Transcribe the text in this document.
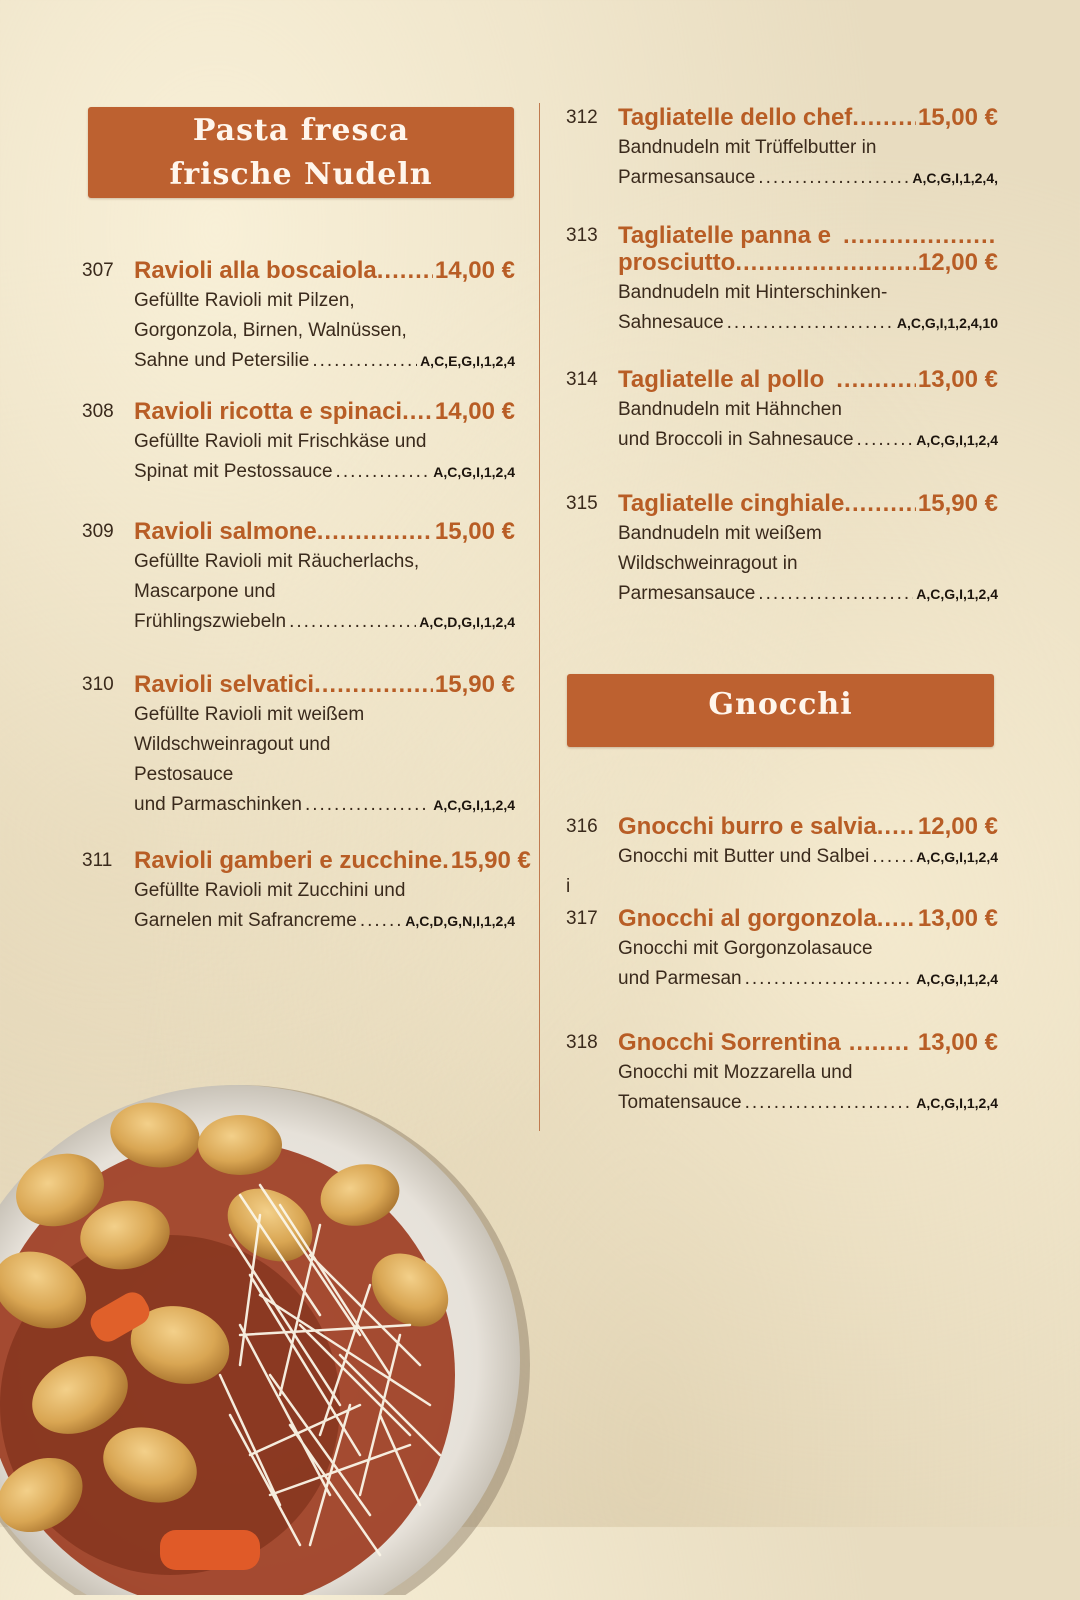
Pasta fresca
frische Nudeln
Gnocchi
307 Ravioli alla boscaiola ..... 14,00 €
Gefüllte Ravioli mit Pilzen,
Gorgonzola, Birnen, Walnüssen,
Sahne und Petersilie .....	A,C,E,G,I,1,2,4
308 Ravioli ricotta e spinaci ..... 14,00 €
Gefüllte Ravioli mit Frischkäse und
Spinat mit Pestossauce .....	A,C,G,I,1,2,4
309 Ravioli salmone .....	15,00 €
Gefüllte Ravioli mit Räucherlachs,
Mascarpone und
Frühlingszwiebeln .....	A,C,D,G,I,1,2,4
310 Ravioli selvatici .....	15,90 €
Gefüllte Ravioli mit weißem
Wildschweinragout und
Pestosauce
und Parmaschinken .....	A,C,G,I,1,2,4
311 Ravioli gamberi e zucchine. 15,90 €
Gefüllte Ravioli mit Zucchini und
Garnelen mit Safrancreme .....	A,C,D,G,N,I,1,2,4
312 Tagliatelle dello chef .....	15,00 €
Bandnudeln mit Trüffelbutter in
Parmesansauce .....	A,C,G,I,1,2,4,
313 Tagliatelle panna e
.....
prosciutto .....	12,00 €
Bandnudeln mit Hinterschinken-
Sahnesauce .....	A,C,G,I,1,2,4,10
314 Tagliatelle al pollo .....	13,00 €
Bandnudeln mit Hähnchen
und Broccoli in Sahnesauce .....	A,C,G,I,1,2,4
315 Tagliatelle cinghiale .....	15,90 €
Bandnudeln mit weißem
Wildschweinragout in
Parmesansauce .....	A,C,G,I,1,2,4
316 Gnocchi burro e salvia ..... 12,00 €
Gnocchi mit Butter und Salbei .....	A,C,G,I,1,2,4
i
317 Gnocchi al gorgonzola ..... 13,00 €
Gnocchi mit Gorgonzolasauce
und Parmesan .....	A,C,G,I,1,2,4
318 Gnocchi Sorrentina .....	13,00 €
Gnocchi mit Mozzarella und
Tomatensauce .....	A,C,G,I,1,2,4
